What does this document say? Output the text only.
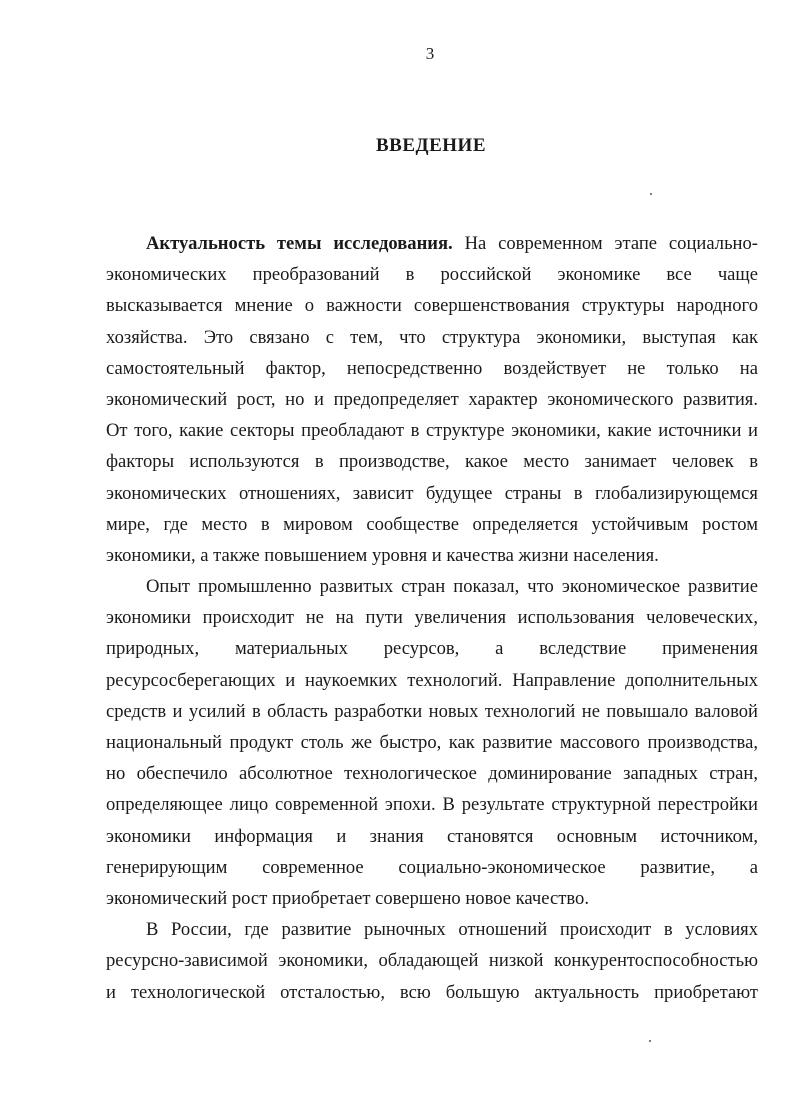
3
ВВЕДЕНИЕ
Актуальность темы исследования. На современном этапе социально-
экономических преобразований в российской экономике все чаще
высказывается мнение о важности совершенствования структуры народного
хозяйства. Это связано с тем, что структура экономики, выступая как
самостоятельный фактор, непосредственно воздействует не только на
экономический рост, но и предопределяет характер экономического развития.
От того, какие секторы преобладают в структуре экономики, какие источники и
факторы используются в производстве, какое место занимает человек в
экономических отношениях, зависит будущее страны в глобализирующемся
мире, где место в мировом сообществе определяется устойчивым ростом
экономики, а также повышением уровня и качества жизни населения.
Опыт промышленно развитых стран показал, что экономическое развитие
экономики происходит не на пути увеличения использования человеческих,
природных, материальных ресурсов, а вследствие применения
ресурсосберегающих и наукоемких технологий. Направление дополнительных
средств и усилий в область разработки новых технологий не повышало валовой
национальный продукт столь же быстро, как развитие массового производства,
но обеспечило абсолютное технологическое доминирование западных стран,
определяющее лицо современной эпохи. В результате структурной перестройки
экономики информация и знания становятся основным источником,
генерирующим современное социально-экономическое развитие, а
экономический рост приобретает совершено новое качество.
В России, где развитие рыночных отношений происходит в условиях
ресурсно-зависимой экономики, обладающей низкой конкурентоспособностью
и технологической отсталостью, всю большую актуальность приобретают
